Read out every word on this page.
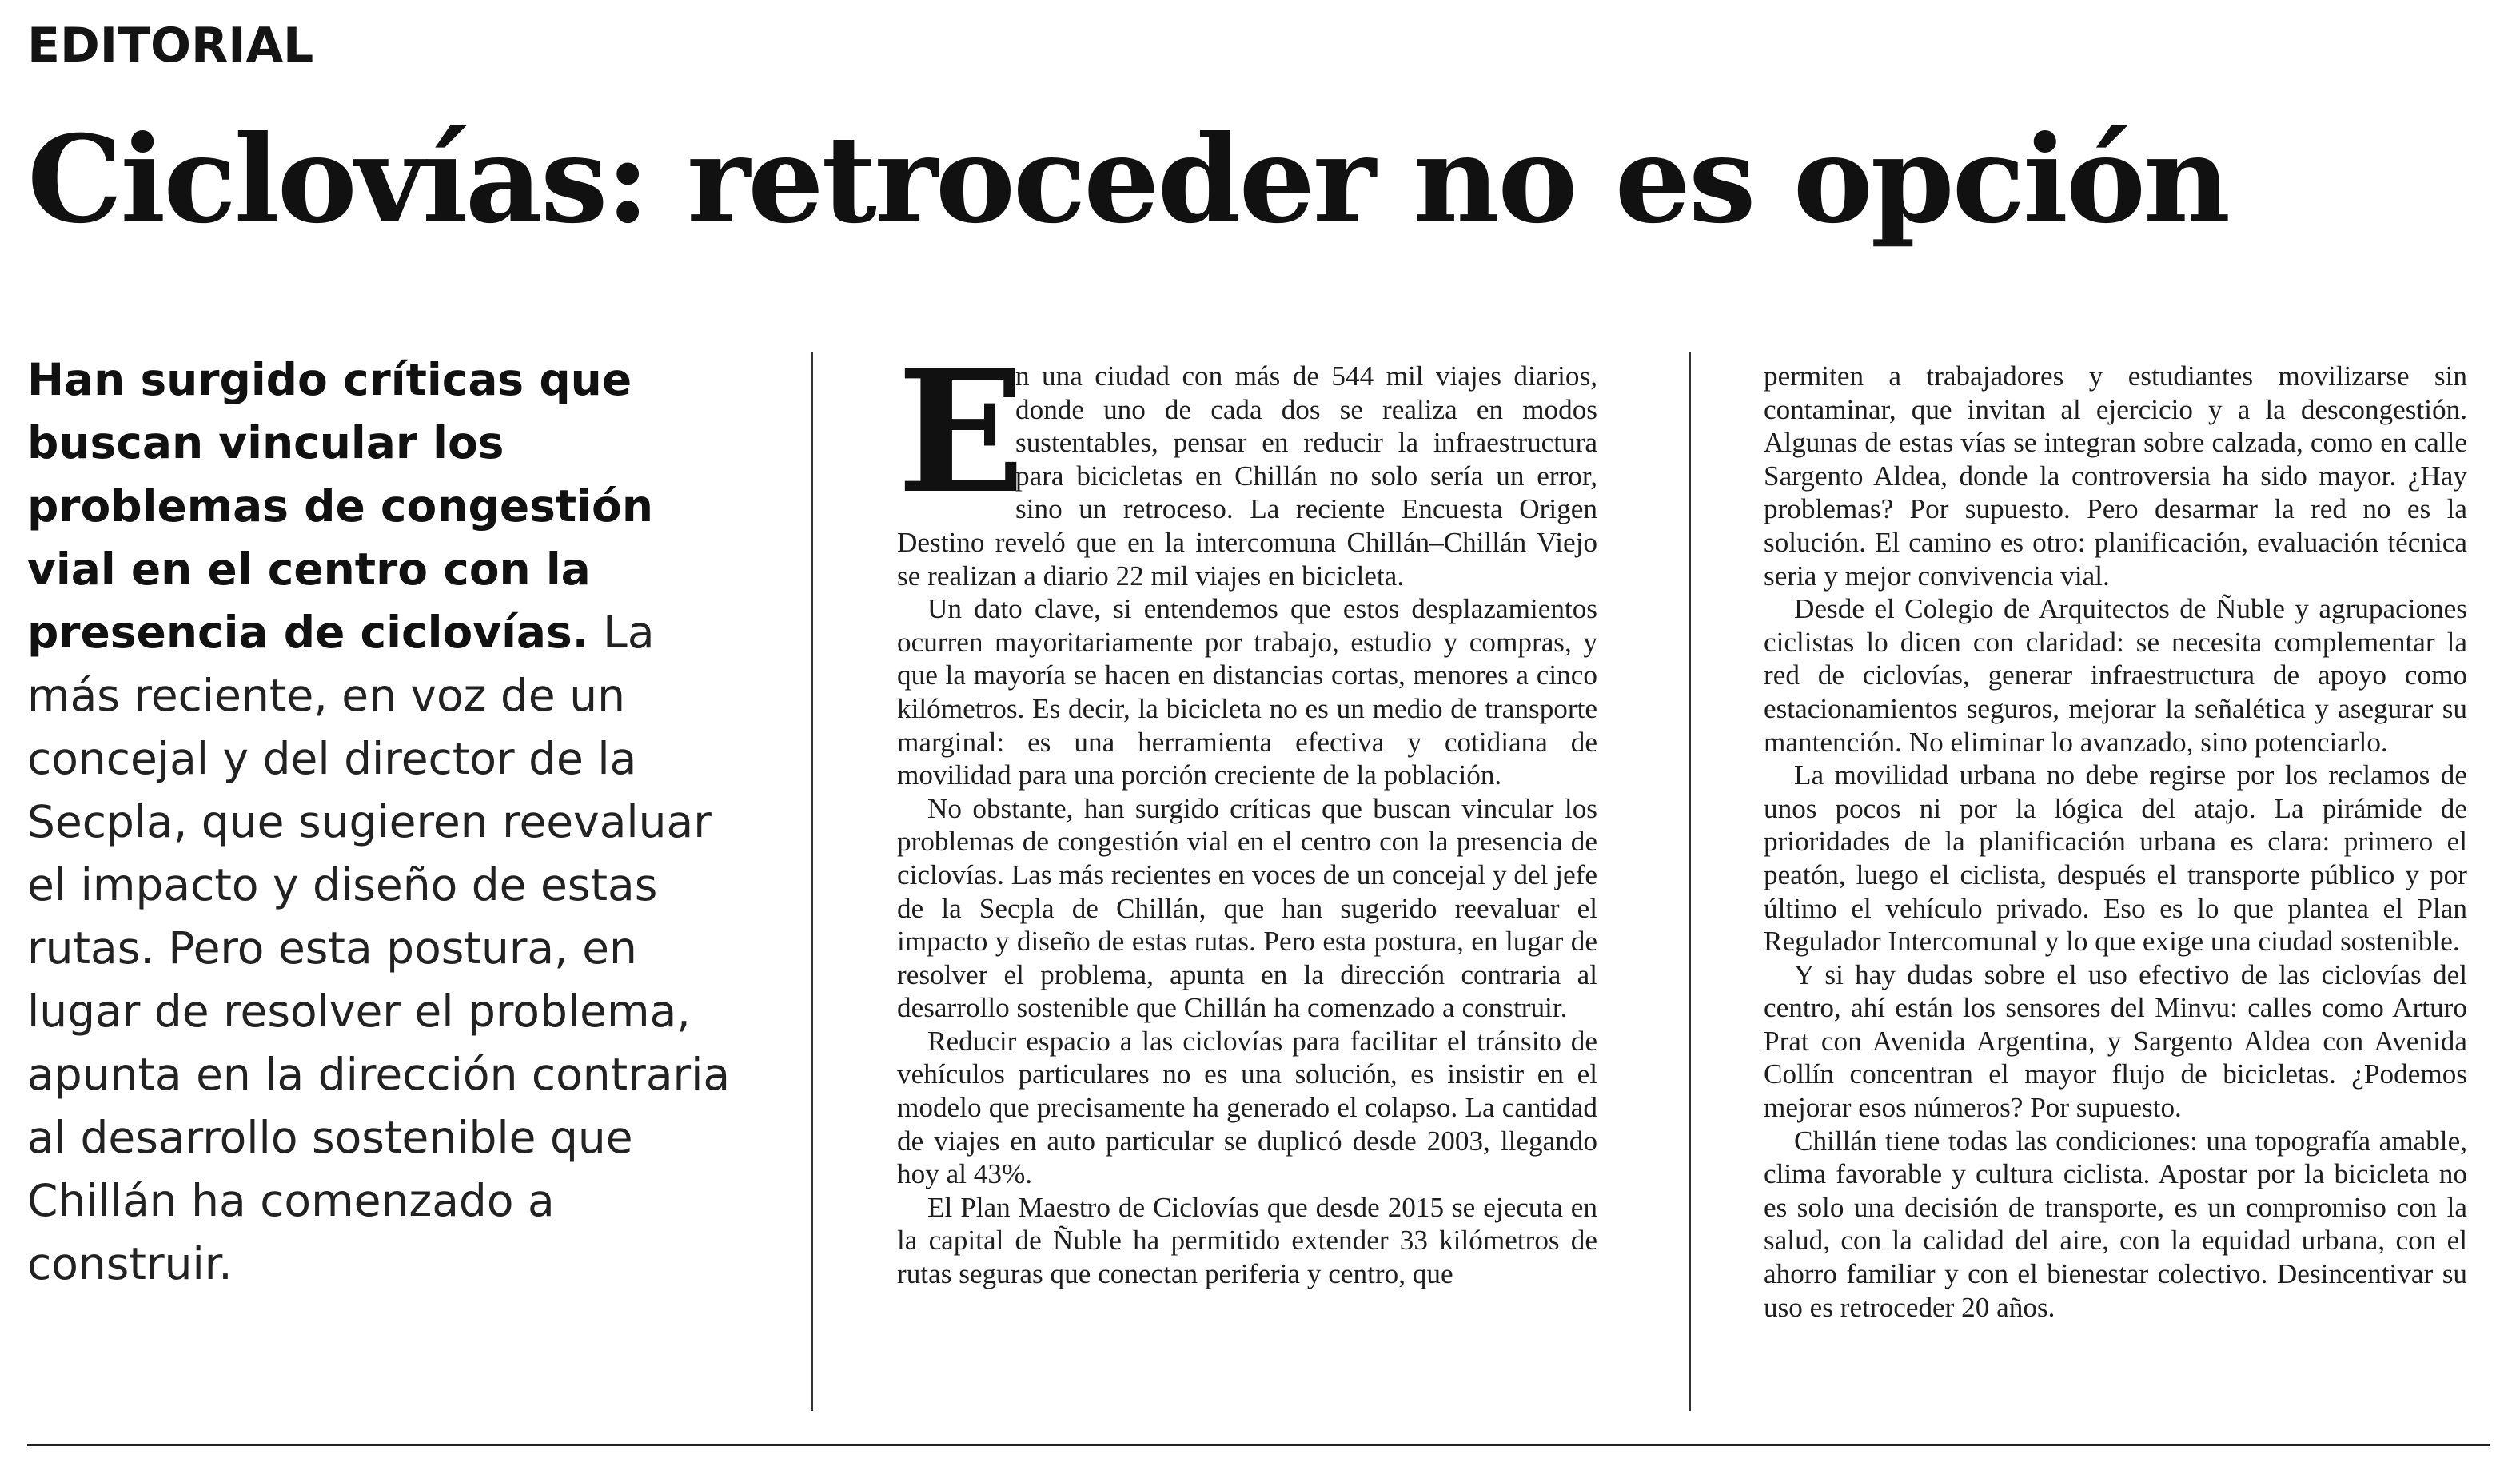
EDITORIAL
Ciclovías: retroceder no es opción
Han surgido críticas que buscan vincular los problemas de congestión vial en el centro con la presencia de ciclovías. La más reciente, en voz de un concejal y del director de la Secpla, que sugieren reevaluar el impacto y diseño de estas rutas. Pero esta postura, en lugar de resolver el problema, apunta en la dirección contraria al desarrollo sostenible que Chillán ha comenzado a construir.

E
n una ciudad con más de 544 mil viajes diarios, donde uno de cada dos se realiza en modos sustentables, pensar en reducir la infraestructura para bicicletas en Chillán no solo sería un error, sino un retroceso. La reciente Encuesta Origen Destino reveló que en la intercomuna Chillán–Chillán Viejo se realizan a diario 22 mil viajes en bicicleta.

Un dato clave, si entendemos que estos desplazamientos ocurren mayoritariamente por trabajo, estudio y compras, y que la mayoría se hacen en distancias cortas, menores a cinco kilómetros. Es decir, la bicicleta no es un medio de transporte marginal: es una herramienta efectiva y cotidiana de movilidad para una porción creciente de la población.

No obstante, han surgido críticas que buscan vincular los problemas de congestión vial en el centro con la presencia de ciclovías. Las más recientes en voces de un concejal y del jefe de la Secpla de Chillán, que han sugerido reevaluar el impacto y diseño de estas rutas. Pero esta postura, en lugar de resolver el problema, apunta en la dirección contraria al desarrollo sostenible que Chillán ha comenzado a construir.

Reducir espacio a las ciclovías para facilitar el tránsito de vehículos particulares no es una solución, es insistir en el modelo que precisamente ha generado el colapso. La cantidad de viajes en auto particular se duplicó desde 2003, llegando hoy al 43%.

El Plan Maestro de Ciclovías que desde 2015 se ejecuta en la capital de Ñuble ha permitido extender 33 kilómetros de rutas seguras que conectan periferia y centro, que

permiten a trabajadores y estudiantes movilizarse sin contaminar, que invitan al ejercicio y a la descongestión. Algunas de estas vías se integran sobre calzada, como en calle Sargento Aldea, donde la controversia ha sido mayor. ¿Hay problemas? Por supuesto. Pero desarmar la red no es la solución. El camino es otro: planificación, evaluación técnica seria y mejor convivencia vial.

Desde el Colegio de Arquitectos de Ñuble y agrupaciones ciclistas lo dicen con claridad: se necesita complementar la red de ciclovías, generar infraestructura de apoyo como estacionamientos seguros, mejorar la señalética y asegurar su mantención. No eliminar lo avanzado, sino potenciarlo.

La movilidad urbana no debe regirse por los reclamos de unos pocos ni por la lógica del atajo. La pirámide de prioridades de la planificación urbana es clara: primero el peatón, luego el ciclista, después el transporte público y por último el vehículo privado. Eso es lo que plantea el Plan Regulador Intercomunal y lo que exige una ciudad sostenible.

Y si hay dudas sobre el uso efectivo de las ciclovías del centro, ahí están los sensores del Minvu: calles como Arturo Prat con Avenida Argentina, y Sargento Aldea con Avenida Collín concentran el mayor flujo de bicicletas. ¿Podemos mejorar esos números? Por supuesto.

Chillán tiene todas las condiciones: una topografía amable, clima favorable y cultura ciclista. Apostar por la bicicleta no es solo una decisión de transporte, es un compromiso con la salud, con la calidad del aire, con la equidad urbana, con el ahorro familiar y con el bienestar colectivo. Desincentivar su uso es retroceder 20 años.
